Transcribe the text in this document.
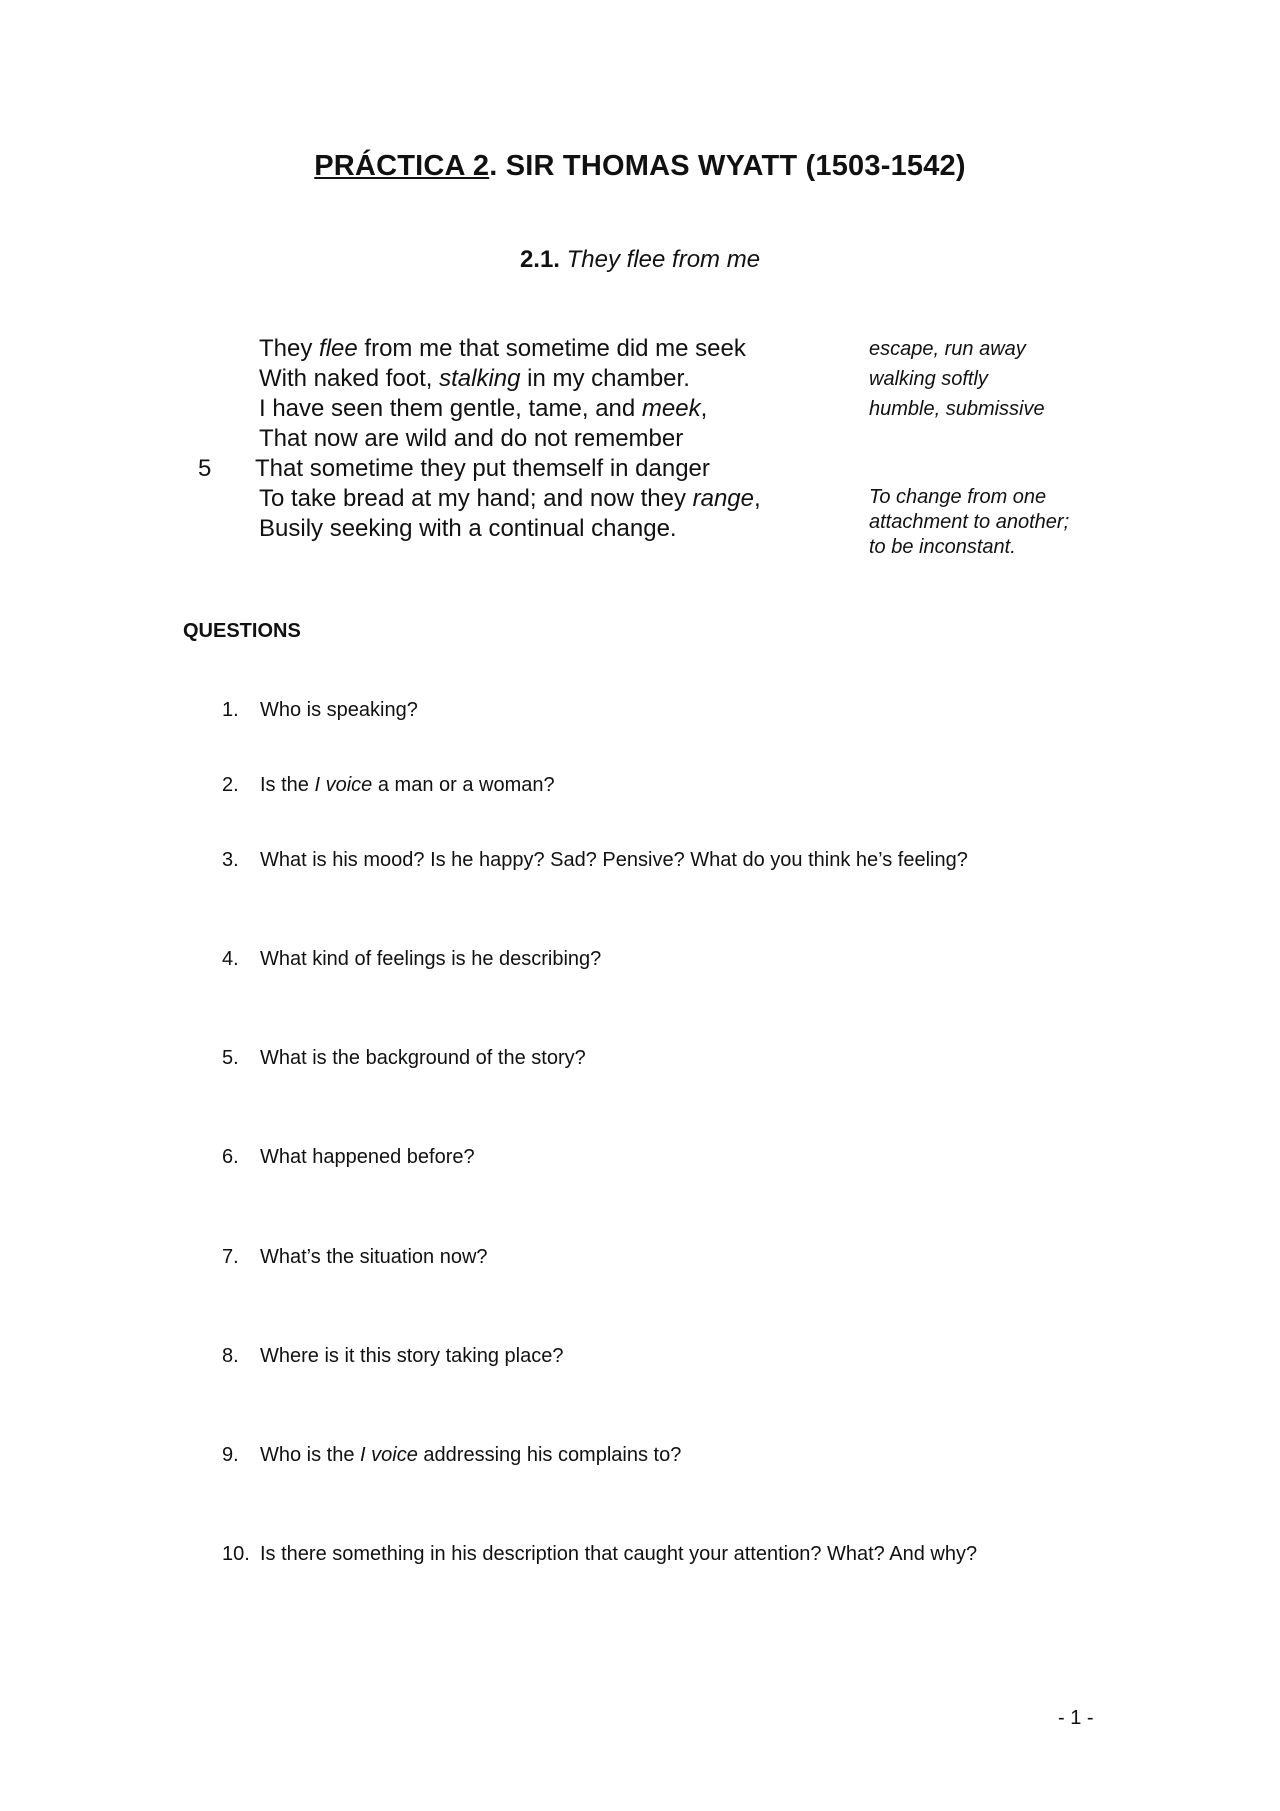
PRÁCTICA 2. SIR THOMAS WYATT (1503-1542)
2.1. They flee from me
5
They flee from me that sometime did me seek
With naked foot, stalking in my chamber.
I have seen them gentle, tame, and meek,
That now are wild and do not remember
That sometime they put themself in danger
To take bread at my hand; and now they range,
Busily seeking with a continual change.
escape, run away
walking softly
humble, submissive
To change from one attachment to another; to be inconstant.
QUESTIONS
1. Who is speaking?
2. Is the I voice a man or a woman?
3. What is his mood? Is he happy? Sad? Pensive? What do you think he’s feeling?
4. What kind of feelings is he describing?
5. What is the background of the story?
6. What happened before?
7. What’s the situation now?
8. Where is it this story taking place?
9. Who is the I voice addressing his complains to?
10. Is there something in his description that caught your attention? What? And why?
- 1 -
